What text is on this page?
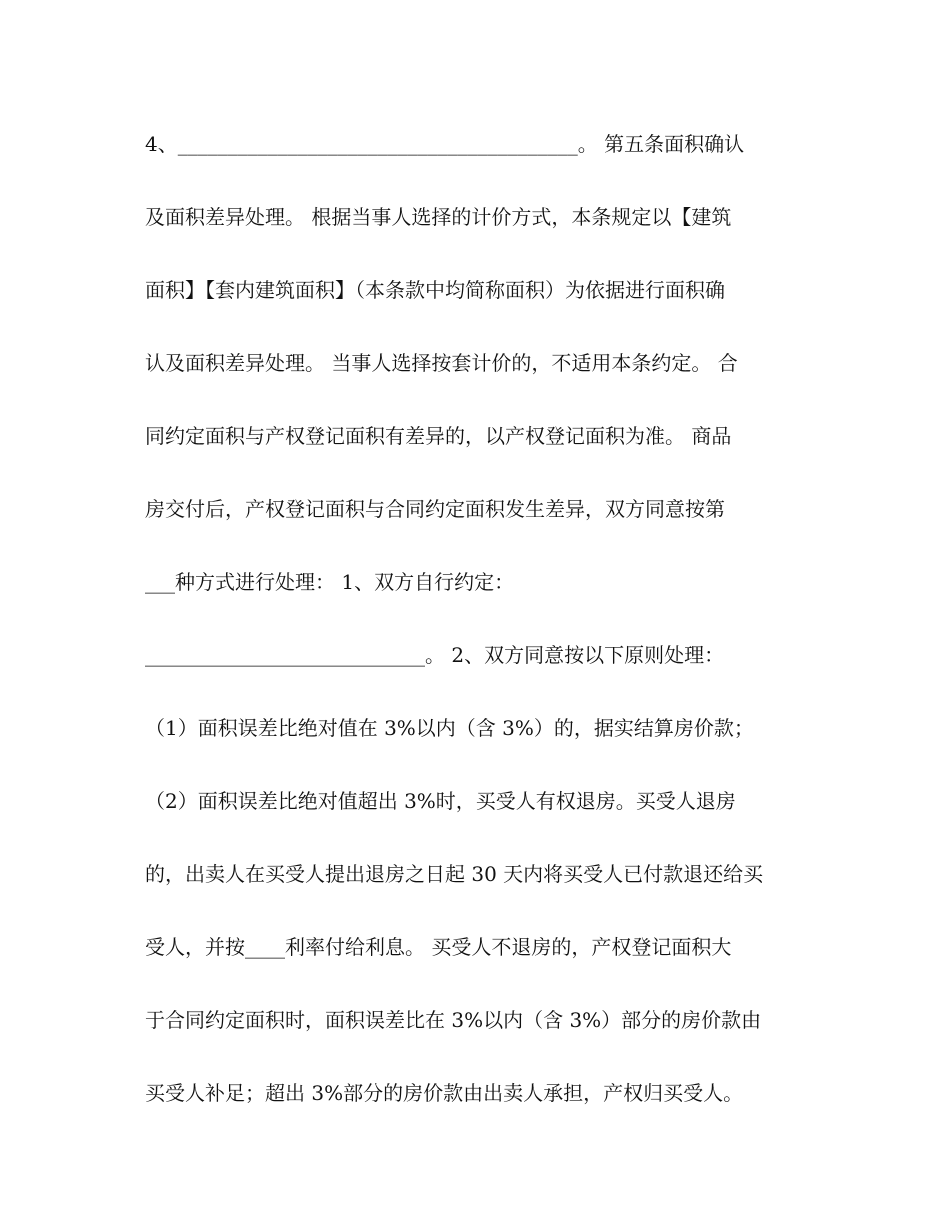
4、________________________________________。 第五条面积确认
及面积差异处理。 根据当事人选择的计价方式，本条规定以【建筑
面积】【套内建筑面积】（本条款中均简称面积）为依据进行面积确
认及面积差异处理。 当事人选择按套计价的，不适用本条约定。 合
同约定面积与产权登记面积有差异的，以产权登记面积为准。 商品
房交付后，产权登记面积与合同约定面积发生差异，双方同意按第
___种方式进行处理： 1、双方自行约定：
____________________________。 2、双方同意按以下原则处理：
（1）面积误差比绝对值在 3%以内（含 3%）的，据实结算房价款；
（2）面积误差比绝对值超出 3%时，买受人有权退房。买受人退房
的，出卖人在买受人提出退房之日起 30 天内将买受人已付款退还给买
受人，并按____利率付给利息。 买受人不退房的，产权登记面积大
于合同约定面积时，面积误差比在 3%以内（含 3%）部分的房价款由
买受人补足；超出 3%部分的房价款由出卖人承担，产权归买受人。
